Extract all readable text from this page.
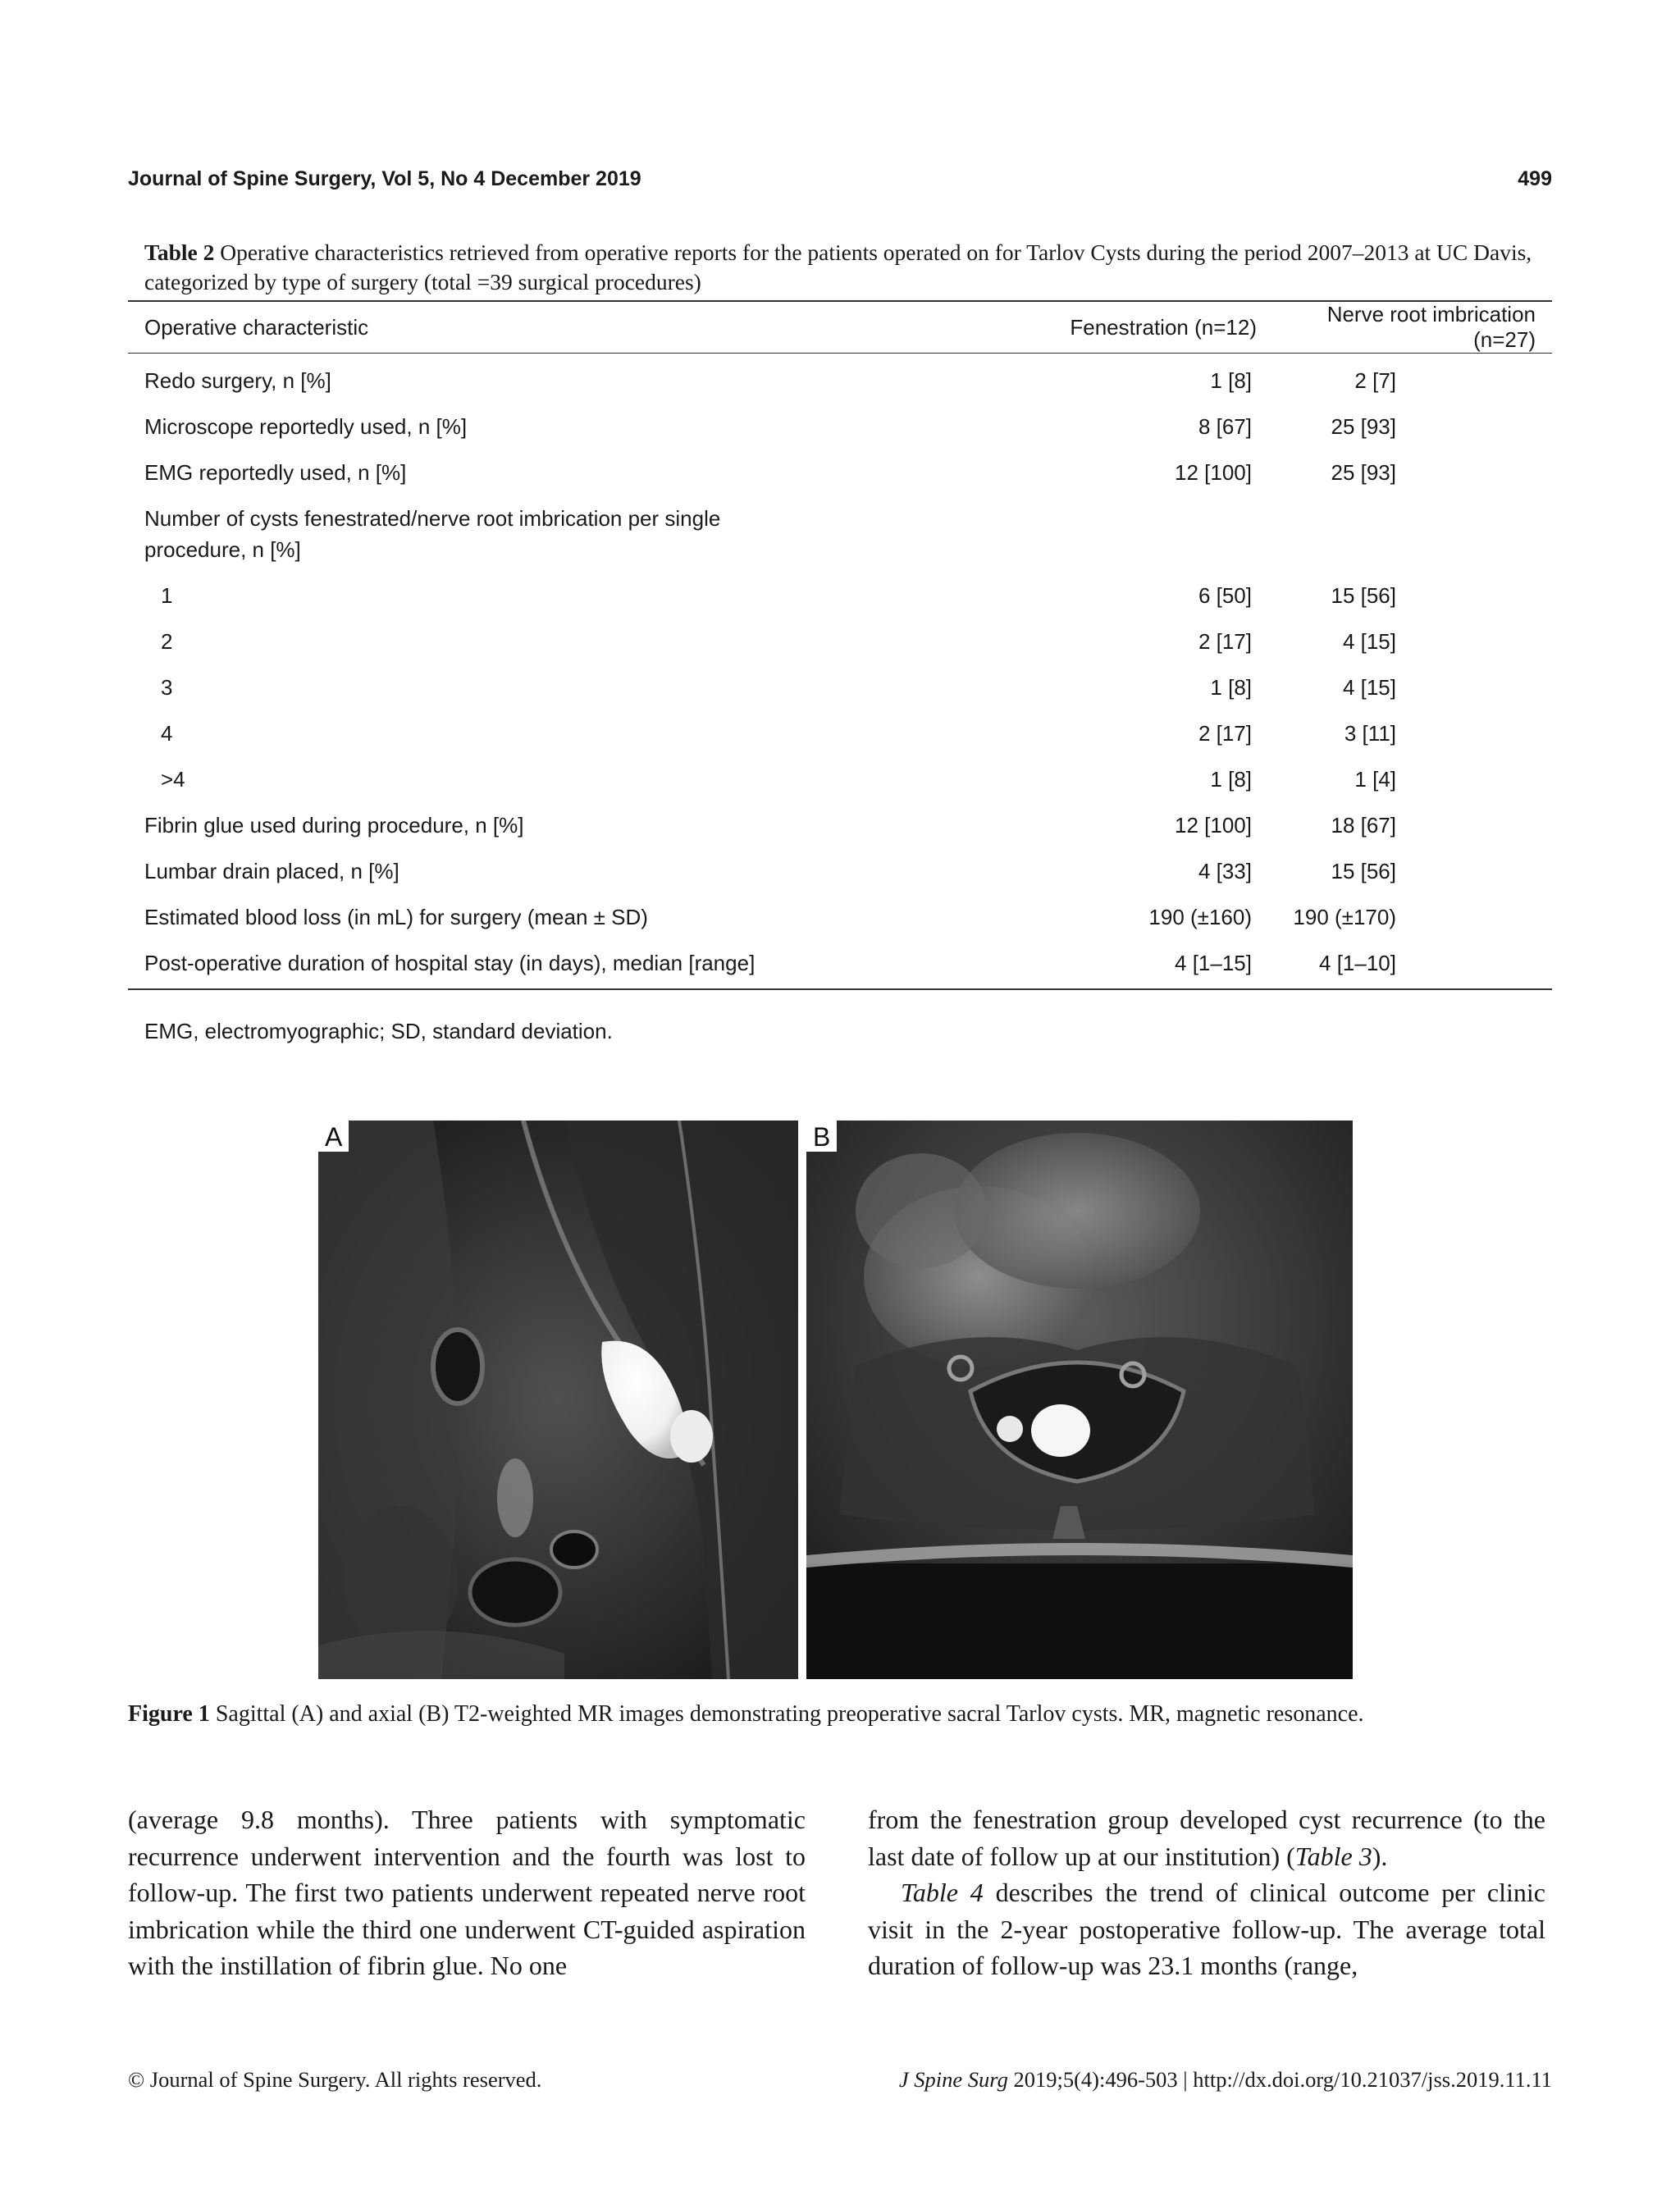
Journal of Spine Surgery, Vol 5, No 4 December 2019	499
Table 2 Operative characteristics retrieved from operative reports for the patients operated on for Tarlov Cysts during the period 2007–2013 at UC Davis, categorized by type of surgery (total =39 surgical procedures)
Operative characteristic	Fenestration (n=12)	Nerve root imbrication (n=27)
Redo surgery, n [%]	1 [8]	2 [7]
Microscope reportedly used, n [%]	8 [67]	25 [93]
EMG reportedly used, n [%]	12 [100]	25 [93]
Number of cysts fenestrated/nerve root imbrication per single procedure, n [%]		
1	6 [50]	15 [56]
2	2 [17]	4 [15]
3	1 [8]	4 [15]
4	2 [17]	3 [11]
>4	1 [8]	1 [4]
Fibrin glue used during procedure, n [%]	12 [100]	18 [67]
Lumbar drain placed, n [%]	4 [33]	15 [56]
Estimated blood loss (in mL) for surgery (mean ± SD)	190 (±160)	190 (±170)
Post-operative duration of hospital stay (in days), median [range]	4 [1–15]	4 [1–10]
EMG, electromyographic; SD, standard deviation.
A	B
Figure 1 Sagittal (A) and axial (B) T2-weighted MR images demonstrating preoperative sacral Tarlov cysts. MR, magnetic resonance.

(average 9.8 months). Three patients with symptomatic recurrence underwent intervention and the fourth was lost to follow-up. The first two patients underwent repeated nerve root imbrication while the third one underwent CT-guided aspiration with the instillation of fibrin glue. No one

from the fenestration group developed cyst recurrence (to the last date of follow up at our institution) (Table 3).

Table 4 describes the trend of clinical outcome per clinic visit in the 2-year postoperative follow-up. The average total duration of follow-up was 23.1 months (range,

© Journal of Spine Surgery. All rights reserved.	J Spine Surg 2019;5(4):496-503 | http://dx.doi.org/10.21037/jss.2019.11.11
